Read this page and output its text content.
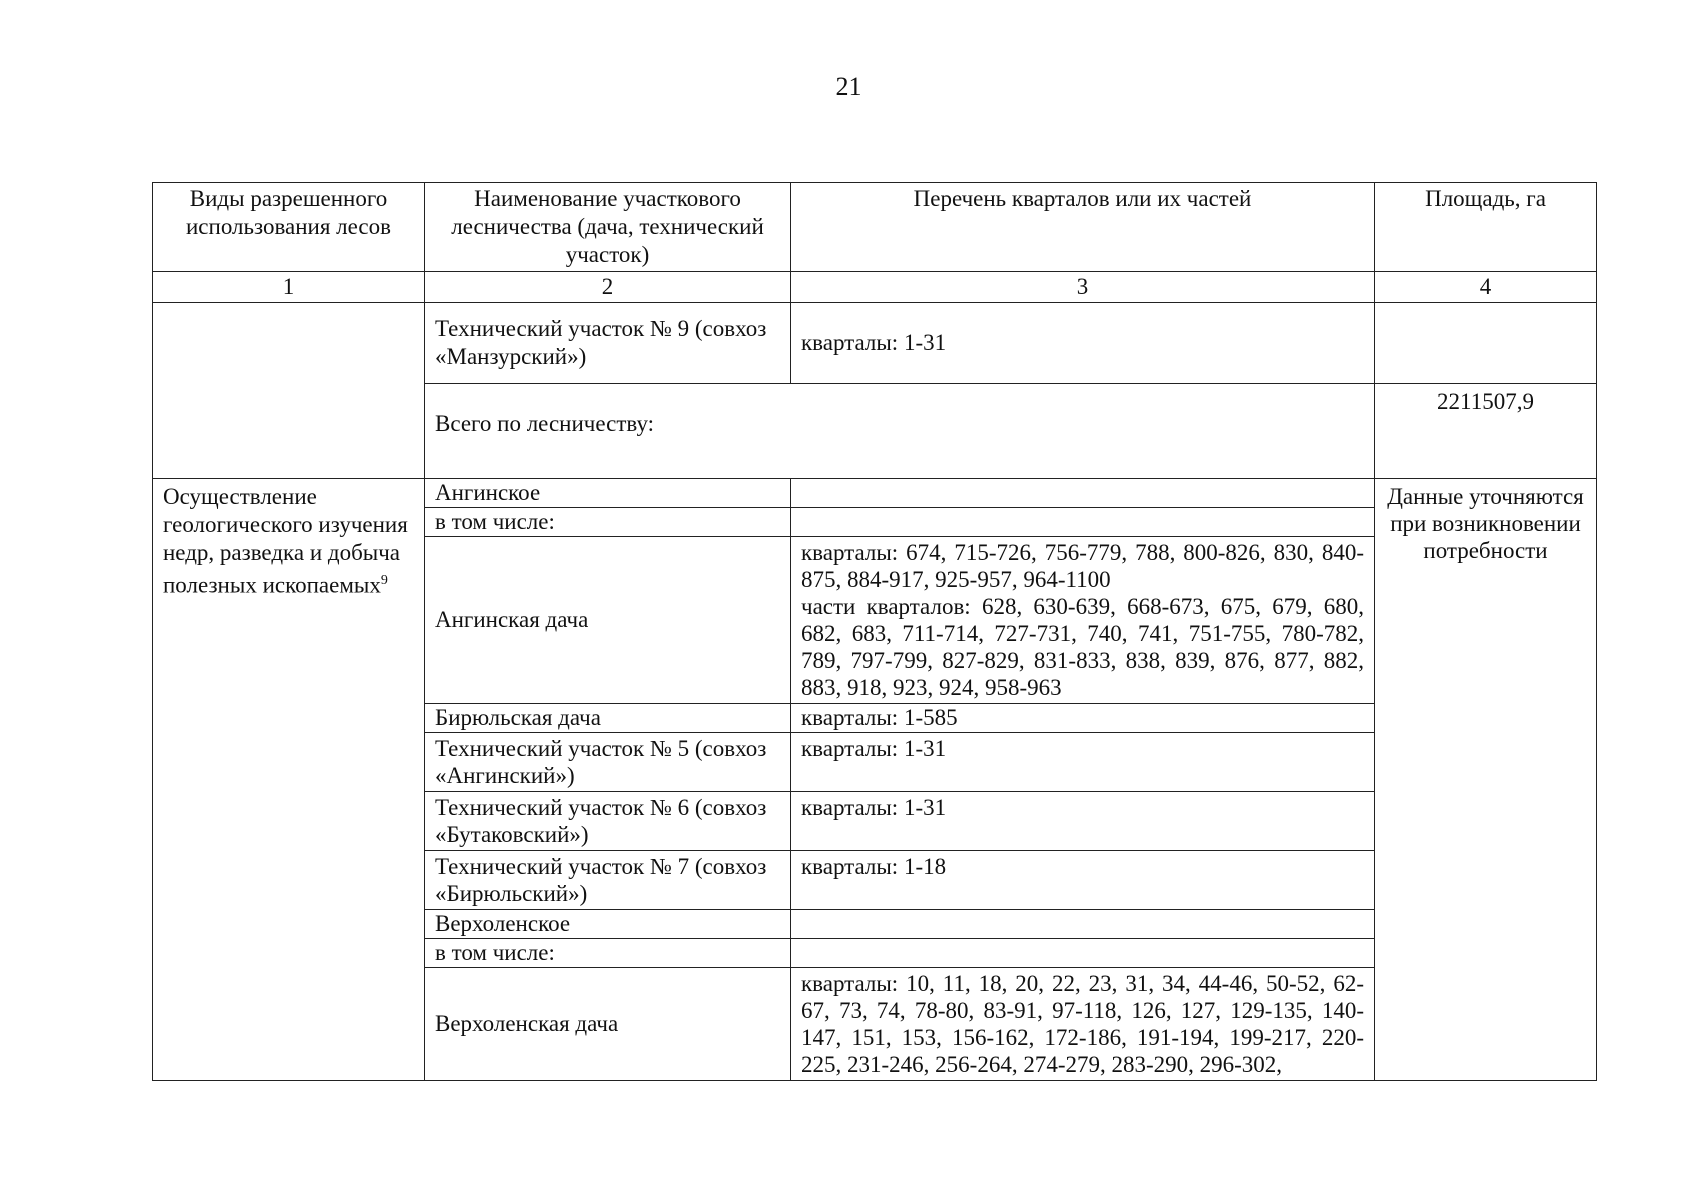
21
Виды разрешенного использования лесов	Наименование участкового лесничества (дача, технический участок)	Перечень кварталов или их частей	Площадь, га
1	2	3	4
	Технический участок № 9 (совхоз «Манзурский»)	кварталы: 1-31	
	Всего по лесничеству:		2211507,9
Осуществление геологического изучения недр, разведка и добыча полезных ископаемых$^9$	Ангинское		Данные уточняются при возникновении потребности
	в том числе:		
	Ангинская дача	кварталы: 674, 715-726, 756-779, 788, 800-826, 830, 840-875, 884-917, 925-957, 964-1100
части кварталов: 628, 630-639, 668-673, 675, 679, 680, 682, 683, 711-714, 727-731, 740, 741, 751-755, 780-782, 789, 797-799, 827-829, 831-833, 838, 839, 876, 877, 882, 883, 918, 923, 924, 958-963	

	Бирюльская дача	кварталы: 1-585	
	Технический участок № 5 (совхоз «Ангинский»)	кварталы: 1-31	
	Технический участок № 6 (совхоз «Бутаковский»)	кварталы: 1-31	
	Технический участок № 7 (совхоз «Бирюльский»)	кварталы: 1-18	
	Верхоленское		
	в том числе:		
	Верхоленская дача	кварталы: 10, 11, 18, 20, 22, 23, 31, 34, 44-46, 50-52, 62-67, 73, 74, 78-80, 83-91, 97-118, 126, 127, 129-135, 140-147, 151, 153, 156-162, 172-186, 191-194, 199-217, 220-225, 231-246, 256-264, 274-279, 283-290, 296-302,	
